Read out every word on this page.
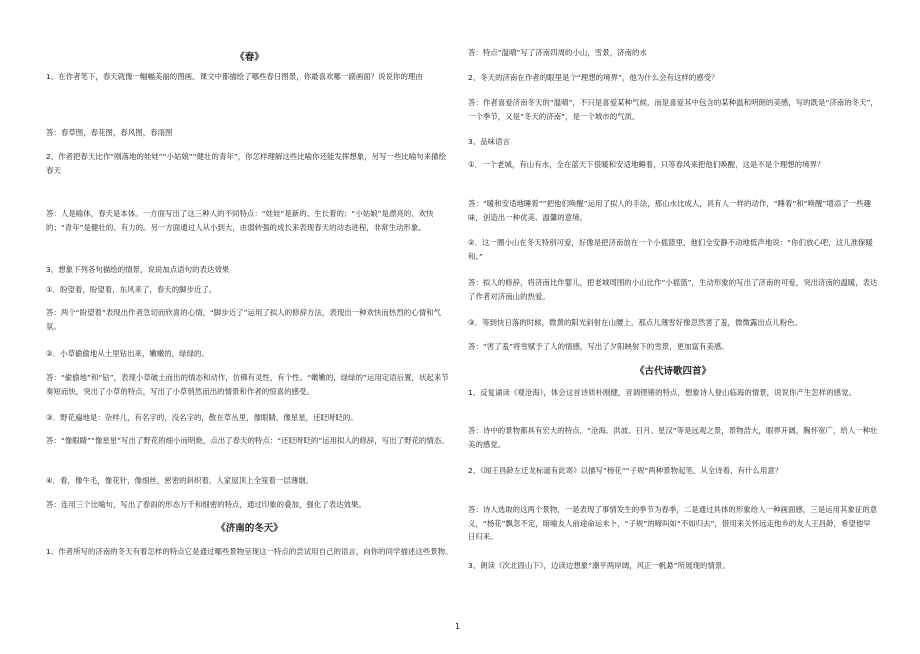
《春》
1、在作者笔下，春天就像一幅幅美丽的图画。课文中都描绘了哪些春日图景，你最喜欢哪一副画面？说说你的理由
答：春草图，春花图，春风图，春雨图
2、作者把春天比作“刚落地的娃娃”“小姑娘”“健壮的青年”，你怎样理解这些比喻你还能发挥想象，另写一些比喻句来描绘春天
答：人是喻体，春天是本体。一方面写出了这三种人的不同特点：“娃娃”是新的、生长着的；“小姑娘”是漂亮的、欢快的；“青年”是健壮的、有力的。另一方面通过人从小到大，由弱转强的成长来表现春天的动态进程，非常生动形象。
3、想象下列各句描绘的情景，说说加点语句的表达效果
①．盼望着，盼望着，东风来了，春天的脚步近了。
答：两个“盼望着”表现出作者急切而欣喜的心情，“脚步近了”运用了拟人的修辞方法，表现出一种欢快而热烈的心情和气氛。
②．小草偷偷地从土里钻出来，嫩嫩的，绿绿的。
答：“偷偷地”和“钻”，表现小草破土而出的情态和动作，仿佛有灵性，有个性。“嫩嫩的，绿绿的”运用定语后置，状起来节奏短而快，突出了小草的特点，写出了小草悄然而出的情景和作者的惊喜的感受。
③．野花遍地是：杂样儿，有名字的，没名字的，散在草丛里，像眼睛，像星星，还眨呀眨的。
答：“像眼睛”“像星星”写出了野花的细小而明艳，点出了春天的特点：“还眨呀眨的”运用拟人的修辞，写出了野花的情态。
④．看，像牛毛，像花针，像细丝，密密的斜织着，人家屋顶上全笼着一层薄烟。
答：连用三个比喻句，写出了春雨的形态万千和细密的特点，通过印象的叠加，强化了表达效果。
《济南的冬天》
1、作者所写的济南的冬天有着怎样的特点它是通过哪些景物呈现这一特点的尝试用自己的语言，向你的同学描述这些景物。
答：特点“温晴”写了济南四周的小山，雪景，济南的水
2、冬天的济南在作者的眼里是个“理想的境界”，他为什么会有这样的感受？
答：作者喜爱济南冬天的“温晴”，不只是喜爱某种气候，而是喜爱其中包含的某种温和明朗的美感，写的既是“济南的冬天”，一个季节，又是“冬天的济南”，是一个城市的气质。
3、品味语言
①．一个老城，有山有水，全在蓝天下很暖和安适地睡着，只等春风来把他们唤醒，这是不是个理想的境界？
答：“暖和安适地睡着”“把他们唤醒”运用了拟人的手法，那山水比成人，具有人一样的动作，“睡着”和“唤醒”增添了一些趣味，创造出一种优美、温馨的意境。
②．这一圈小山在冬天特别可爱，好像是把济南放在一个小摇篮里，他们全安静不动地低声地说：“你们放心吧，这儿准保暖和。”
答：拟人的修辞，将济南比作婴儿，把老城周围的小山比作“小摇篮”，生动形象的写出了济南的可爱，突出济南的温暖，表达了作者对济南山的热爱。
③．等到快日落的时候，微黄的阳光斜射在山腰上，那点儿薄雪好像忽然害了羞，微微露出点儿粉色。
答：“害了羞”将雪赋予了人的情感，写出了夕阳映射下的雪景，更加富有美感。
《古代诗歌四首》
1、反复诵读《观沧海》，体会这首诗质朴刚健，音调铿锵的特点，想象诗人登山临海的情景，说说你产生怎样的感觉。
答：诗中的景物都具有宏大的特点，“沧海、洪波、日月、星汉”等是远观之景，景物浩大，眼界开阔，胸怀宽广，给人一种壮美的感觉。
2、《闻王昌龄左迁龙标遥有此寄》以描写“杨花”“子规”两种景物起笔，从全诗看，有什么用意？
答：诗人选取的这两个景物，一是表现了事情发生的季节为春季，二是通过具体的形象给人一种画面感，三是运用其象征的意义，“杨花”飘忽不定，暗喻友人前途命运未卜，“子规”的啼叫如“不如归去”，借用来关怀远走他乡的友人王昌龄，希望他早日归来。
3、朗读《次北固山下》，边读边想象“潮平两岸阔，风正一帆悬”所展现的情景。
1
